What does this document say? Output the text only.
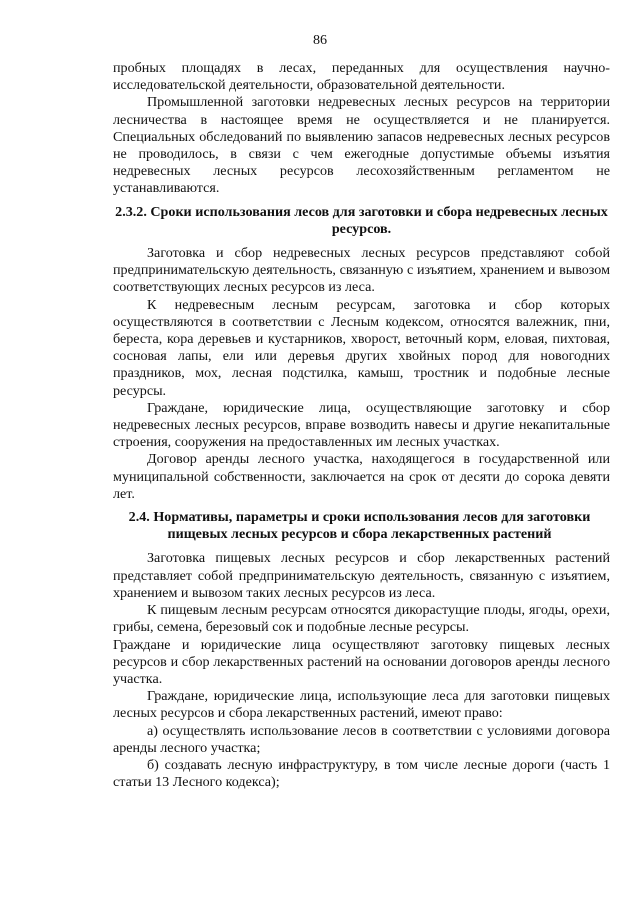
86

пробных площадях в лесах, переданных для осуществления научно-исследовательской деятельности, образовательной деятельности.

Промышленной заготовки недревесных лесных ресурсов на территории лесничества в настоящее время не осуществляется и не планируется. Специальных обследований по выявлению запасов недревесных лесных ресурсов не проводилось, в связи с чем ежегодные допустимые объемы изъятия недревесных лесных ресурсов лесохозяйственным регламентом не устанавливаются.

2.3.2. Сроки использования лесов для заготовки и сбора недревесных лесных ресурсов.

Заготовка и сбор недревесных лесных ресурсов представляют собой предпринимательскую деятельность, связанную с изъятием, хранением и вывозом соответствующих лесных ресурсов из леса.

К недревесным лесным ресурсам, заготовка и сбор которых осуществляются в соответствии с Лесным кодексом, относятся валежник, пни, береста, кора деревьев и кустарников, хворост, веточный корм, еловая, пихтовая, сосновая лапы, ели или деревья других хвойных пород для новогодних праздников, мох, лесная подстилка, камыш, тростник и подобные лесные ресурсы.

Граждане, юридические лица, осуществляющие заготовку и сбор недревесных лесных ресурсов, вправе возводить навесы и другие некапитальные строения, сооружения на предоставленных им лесных участках.

Договор аренды лесного участка, находящегося в государственной или муниципальной собственности, заключается на срок от десяти до сорока девяти лет.

2.4. Нормативы, параметры и сроки использования лесов для заготовки пищевых лесных ресурсов и сбора лекарственных растений

Заготовка пищевых лесных ресурсов и сбор лекарственных растений представляет собой предпринимательскую деятельность, связанную с изъятием, хранением и вывозом таких лесных ресурсов из леса.

К пищевым лесным ресурсам относятся дикорастущие плоды, ягоды, орехи, грибы, семена, березовый сок и подобные лесные ресурсы.

Граждане и юридические лица осуществляют заготовку пищевых лесных ресурсов и сбор лекарственных растений на основании договоров аренды лесного участка.

Граждане, юридические лица, использующие леса для заготовки пищевых лесных ресурсов и сбора лекарственных растений, имеют право:

а) осуществлять использование лесов в соответствии с условиями договора аренды лесного участка;

б) создавать лесную инфраструктуру, в том числе лесные дороги (часть 1 статьи 13 Лесного кодекса);
